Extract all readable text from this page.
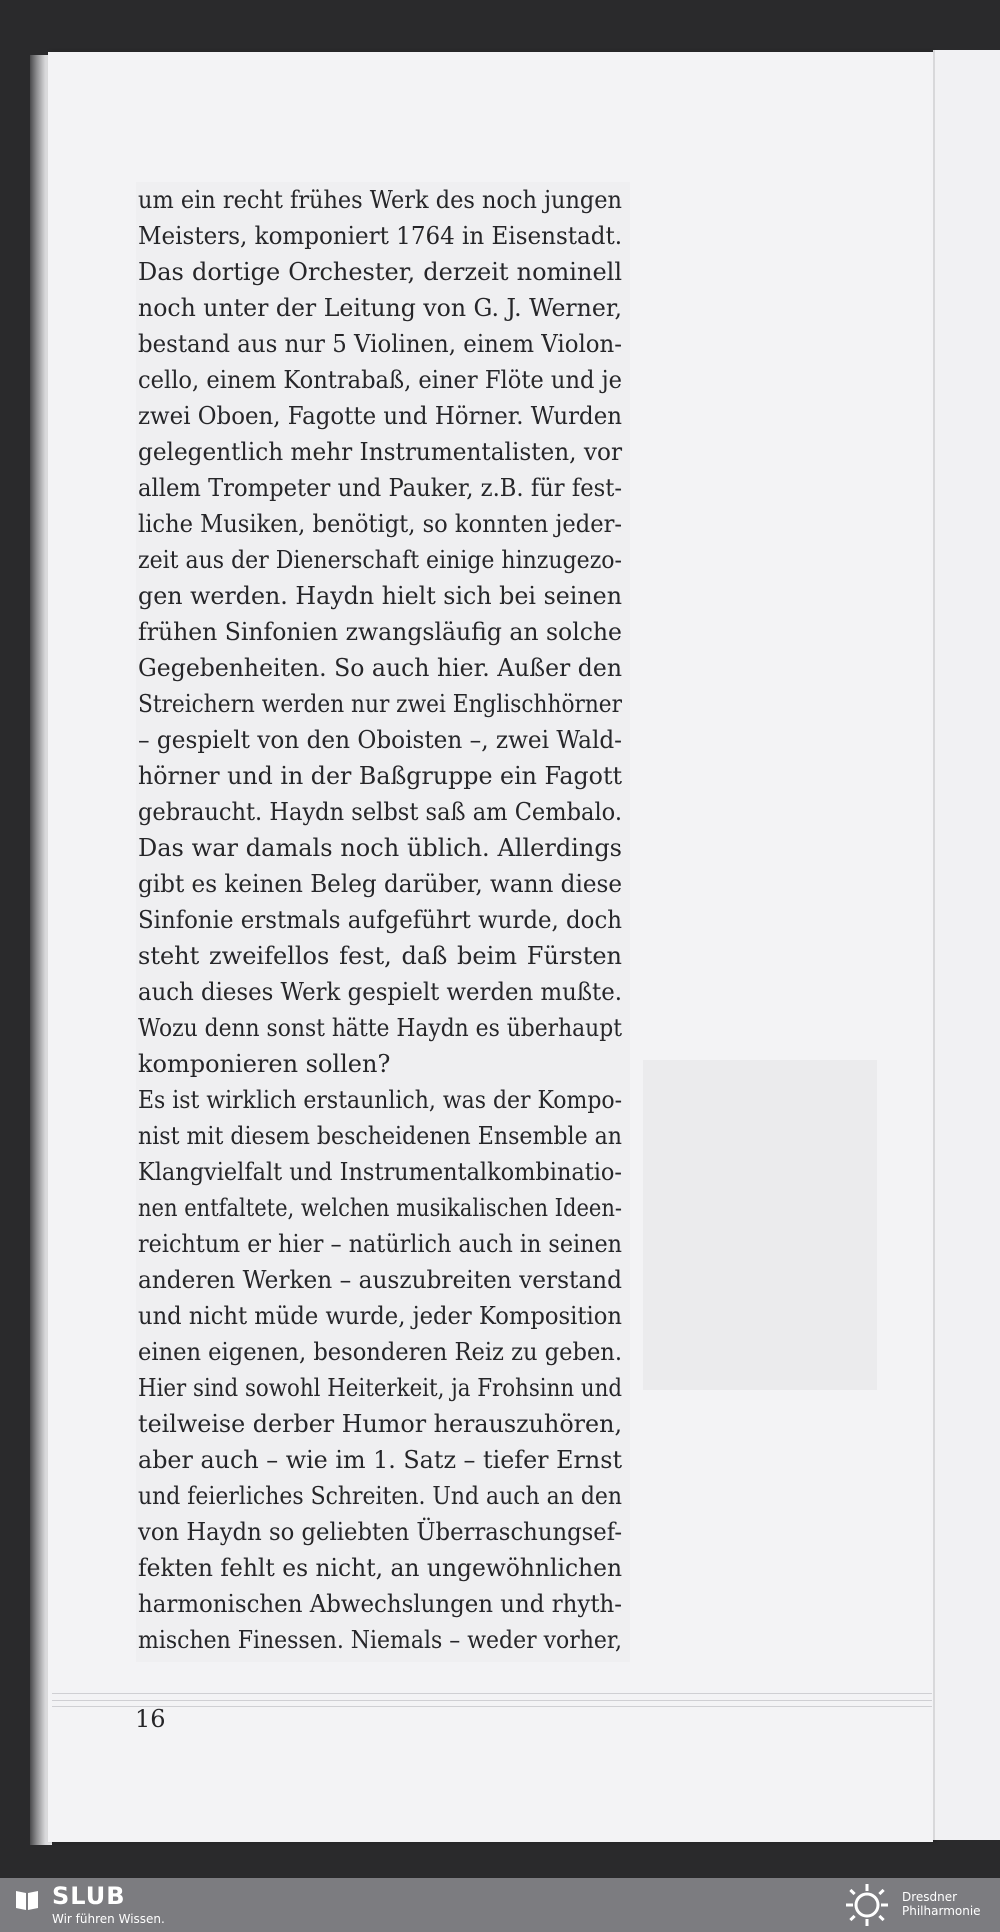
um ein recht frühes Werk des noch jungen
Meisters, komponiert 1764 in Eisenstadt.
Das dortige Orchester, derzeit nominell
noch unter der Leitung von G. J. Werner,
bestand aus nur 5 Violinen, einem Violon-
cello, einem Kontrabaß, einer Flöte und je
zwei Oboen, Fagotte und Hörner. Wurden
gelegentlich mehr Instrumentalisten, vor
allem Trompeter und Pauker, z.B. für fest-
liche Musiken, benötigt, so konnten jeder-
zeit aus der Dienerschaft einige hinzugezo-
gen werden. Haydn hielt sich bei seinen
frühen Sinfonien zwangsläufig an solche
Gegebenheiten. So auch hier. Außer den
Streichern werden nur zwei Englischhörner
– gespielt von den Oboisten –, zwei Wald-
hörner und in der Baßgruppe ein Fagott
gebraucht. Haydn selbst saß am Cembalo.
Das war damals noch üblich. Allerdings
gibt es keinen Beleg darüber, wann diese
Sinfonie erstmals aufgeführt wurde, doch
steht zweifellos fest, daß beim Fürsten
auch dieses Werk gespielt werden mußte.
Wozu denn sonst hätte Haydn es überhaupt
komponieren sollen?
Es ist wirklich erstaunlich, was der Kompo-
nist mit diesem bescheidenen Ensemble an
Klangvielfalt und Instrumentalkombinatio-
nen entfaltete, welchen musikalischen Ideen-
reichtum er hier – natürlich auch in seinen
anderen Werken – auszubreiten verstand
und nicht müde wurde, jeder Komposition
einen eigenen, besonderen Reiz zu geben.
Hier sind sowohl Heiterkeit, ja Frohsinn und
teilweise derber Humor herauszuhören,
aber auch – wie im 1. Satz – tiefer Ernst
und feierliches Schreiten. Und auch an den
von Haydn so geliebten Überraschungsef-
fekten fehlt es nicht, an ungewöhnlichen
harmonischen Abwechslungen und rhyth-
mischen Finessen. Niemals – weder vorher,
16
SLUB
Wir führen Wissen.
Dresdner
Philharmonie
